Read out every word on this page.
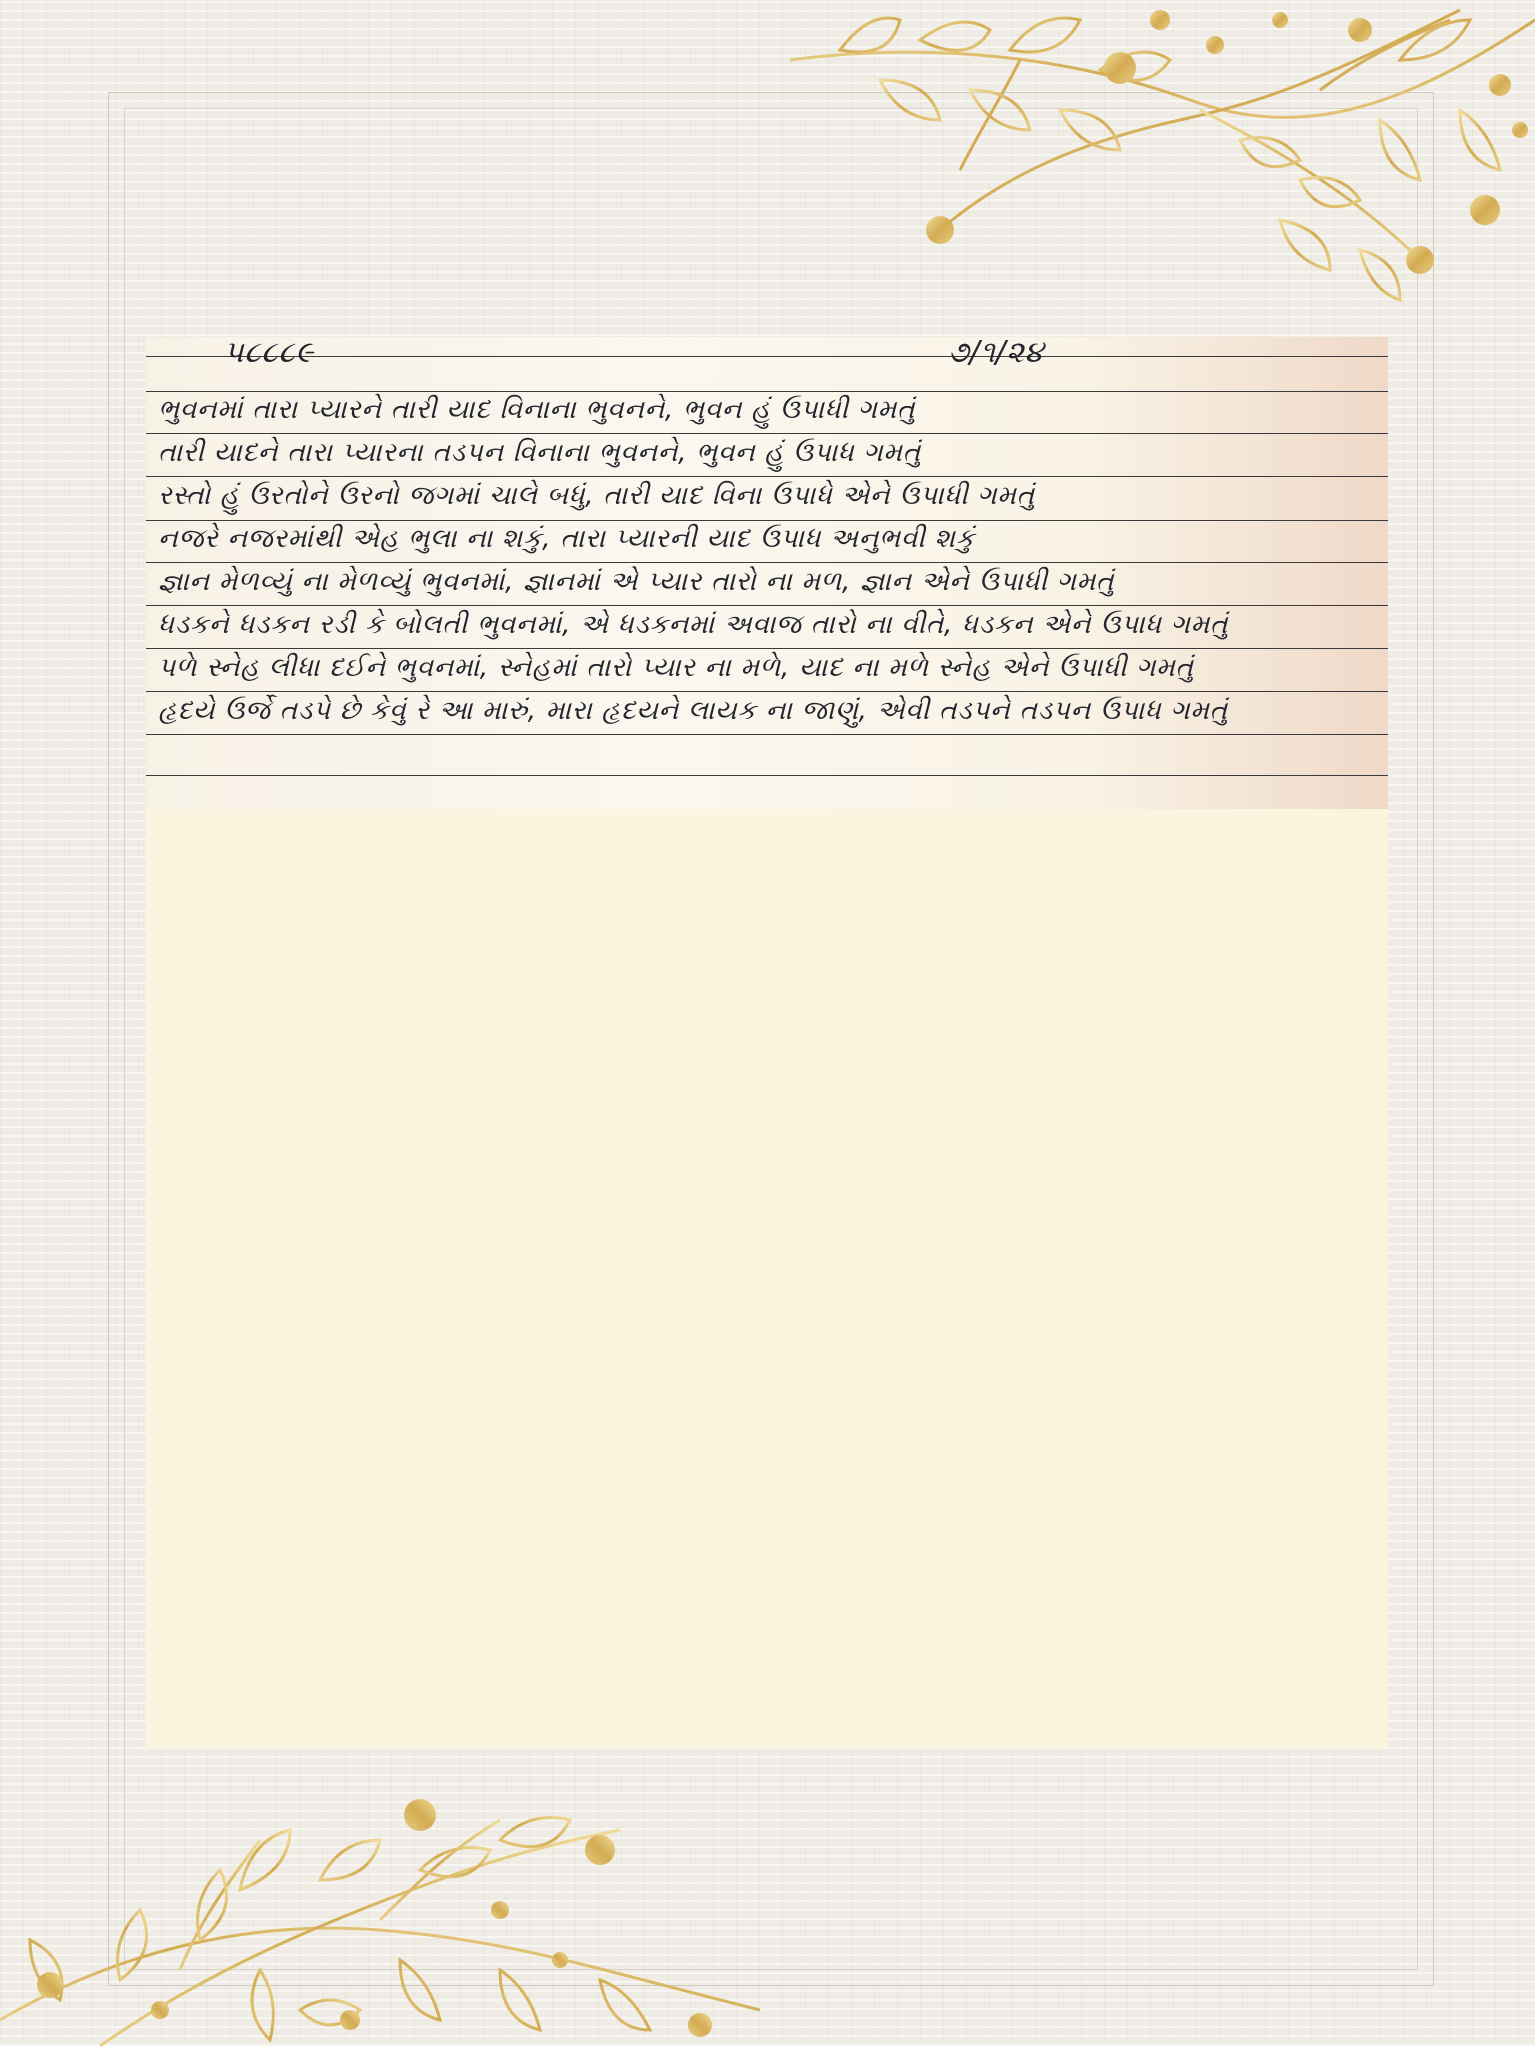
પ૮૮૮૯	૭/૧/૨૪
ભુવનમાં તારા પ્યારને તારી યાદ વિનાના ભુવનને, ભુવન હું ઉપાધી ગમતું
તારી યાદને તારા પ્યારના તડપન વિનાના ભુવનને, ભુવન હું ઉપાધ ગમતું
રસ્તો હું ઉરતોને ઉરનો જગમાં ચાલે બધું, તારી યાદ વિના ઉપાધે એને ઉપાધી ગમતું
નજરે નજરમાંથી એહ ભુલા ના શકું, તારા પ્યારની યાદ ઉપાધ અનુભવી શકું
જ્ઞાન મેળવ્યું ના મેળવ્યું ભુવનમાં, જ્ઞાનમાં એ પ્યાર તારો ના મળ, જ્ઞાન એને ઉપાધી ગમતું
ધડકને ધડકન રડી કે બોલતી ભુવનમાં, એ ધડકનમાં અવાજ તારો ના વીતે, ધડકન એને ઉપાધ ગમતું
પળે સ્નેહ લીધા દઈને ભુવનમાં, સ્નેહમાં તારો પ્યાર ના મળે, યાદ ના મળે સ્નેહ એને ઉપાધી ગમતું
હૃદયે ઉર્જે તડપે છે કેવું રે આ મારું, મારા હૃદયને લાયક ના જાણું, એવી તડપને તડપન ઉપાધ ગમતું
